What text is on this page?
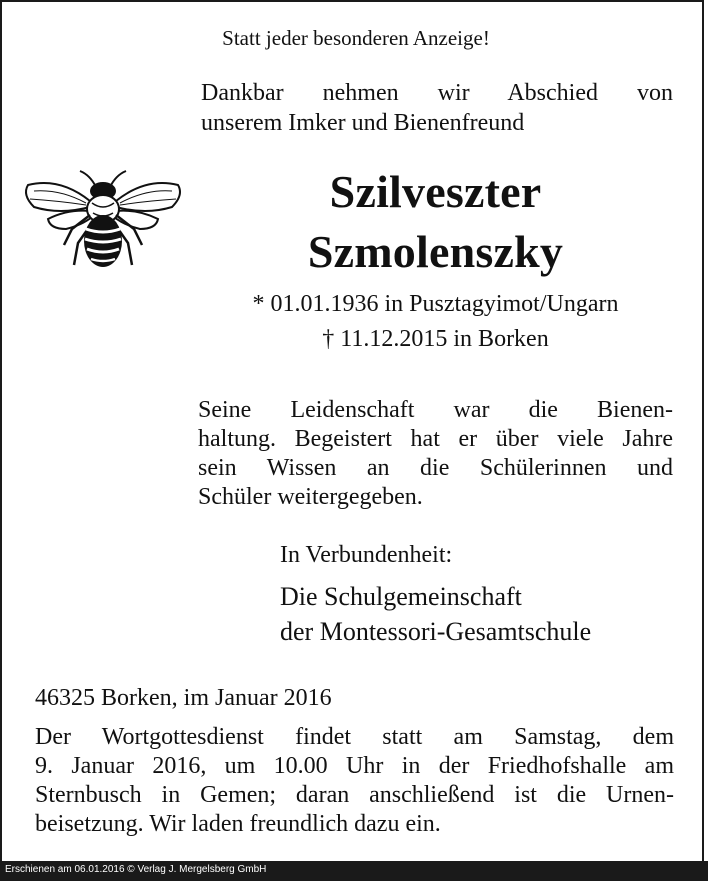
Statt jeder besonderen Anzeige!
Dankbar nehmen wir Abschied von
unserem Imker und Bienenfreund
Szilveszter
Szmolenszky
* 01.01.1936 in Pusztagyimot/Ungarn
† 11.12.2015 in Borken
Seine Leidenschaft war die Bienen-
haltung. Begeistert hat er über viele Jahre
sein Wissen an die Schülerinnen und
Schüler weitergegeben.
In Verbundenheit:
Die Schulgemeinschaft
der Montessori-Gesamtschule
46325 Borken, im Januar 2016
Der Wortgottesdienst findet statt am Samstag, dem
9. Januar 2016, um 10.00 Uhr in der Friedhofshalle am
Sternbusch in Gemen; daran anschließend ist die Urnen-
beisetzung. Wir laden freundlich dazu ein.
Erschienen am 06.01.2016 © Verlag J. Mergelsberg GmbH
